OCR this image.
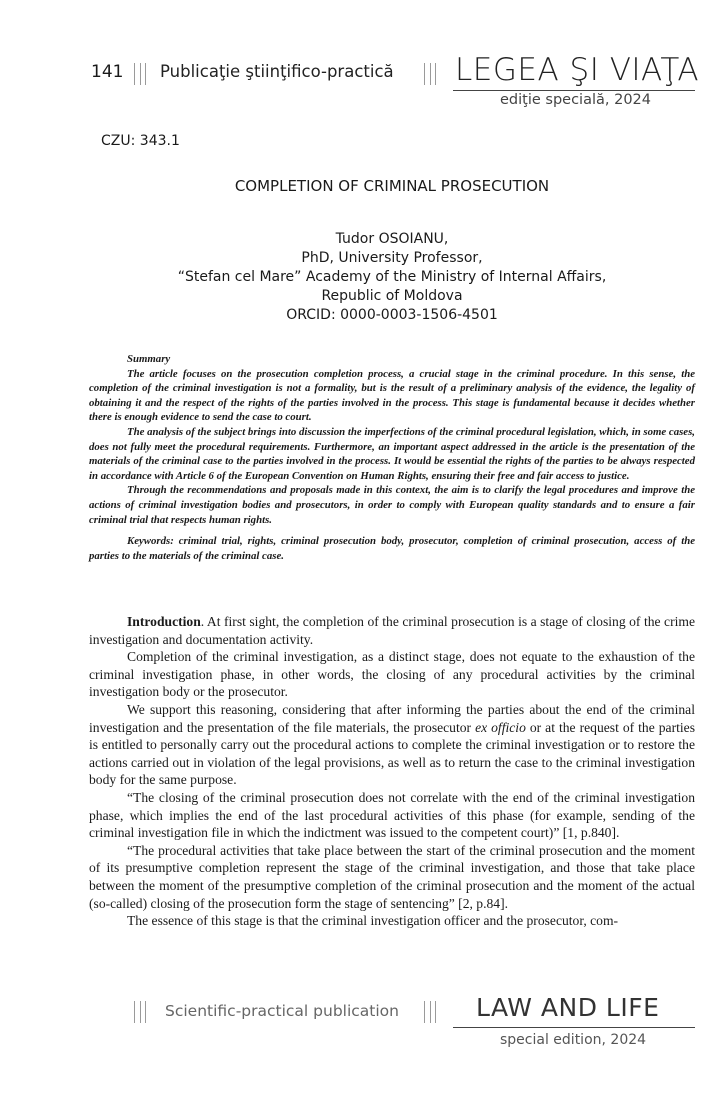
141 Publicaţie ştiinţifico-practică LEGEA ŞI VIAŢA
ediţie specială, 2024
CZU: 343.1
COMPLETION OF CRIMINAL PROSECUTION
Tudor OSOIANU,
PhD, University Professor,
“Stefan cel Mare” Academy of the Ministry of Internal Affairs,
Republic of Moldova
ORCID: 0000-0003-1506-4501

Summary

The article focuses on the prosecution completion process, a crucial stage in the criminal procedure. In this sense, the completion of the criminal investigation is not a formality, but is the result of a preliminary analysis of the evidence, the legality of obtaining it and the respect of the rights of the parties involved in the process. This stage is fundamental because it decides whether there is enough evidence to send the case to court.

The analysis of the subject brings into discussion the imperfections of the criminal procedural legislation, which, in some cases, does not fully meet the procedural requirements. Furthermore, an important aspect addressed in the article is the presentation of the materials of the criminal case to the parties involved in the process. It would be essential the rights of the parties to be always respected in accordance with Article 6 of the European Convention on Human Rights, ensuring their free and fair access to justice.

Through the recommendations and proposals made in this context, the aim is to clarify the legal procedures and improve the actions of criminal investigation bodies and prosecutors, in order to comply with European quality standards and to ensure a fair criminal trial that respects human rights.

Keywords: criminal trial, rights, criminal prosecution body, prosecutor, completion of criminal prosecution, access of the parties to the materials of the criminal case.

Introduction. At first sight, the completion of the criminal prosecution is a stage of closing of the crime investigation and documentation activity.

Completion of the criminal investigation, as a distinct stage, does not equate to the exhaustion of the criminal investigation phase, in other words, the closing of any procedural activities by the criminal investigation body or the prosecutor.

We support this reasoning, considering that after informing the parties about the end of the criminal investigation and the presentation of the file materials, the prosecutor ex officio or at the request of the parties is entitled to personally carry out the procedural actions to complete the criminal investigation or to restore the actions carried out in violation of the legal provisions, as well as to return the case to the criminal investigation body for the same purpose.

“The closing of the criminal prosecution does not correlate with the end of the criminal investigation phase, which implies the end of the last procedural activities of this phase (for example, sending of the criminal investigation file in which the indictment was issued to the competent court)” [1, p.840].

“The procedural activities that take place between the start of the criminal prosecution and the moment of its presumptive completion represent the stage of the criminal investigation, and those that take place between the moment of the presumptive completion of the criminal prosecution and the moment of the actual (so-called) closing of the prosecution form the stage of sentencing” [2, p.84].

The essence of this stage is that the criminal investigation officer and the prosecutor, com-

Scientific-practical publication	LAW AND LIFE
special edition, 2024
